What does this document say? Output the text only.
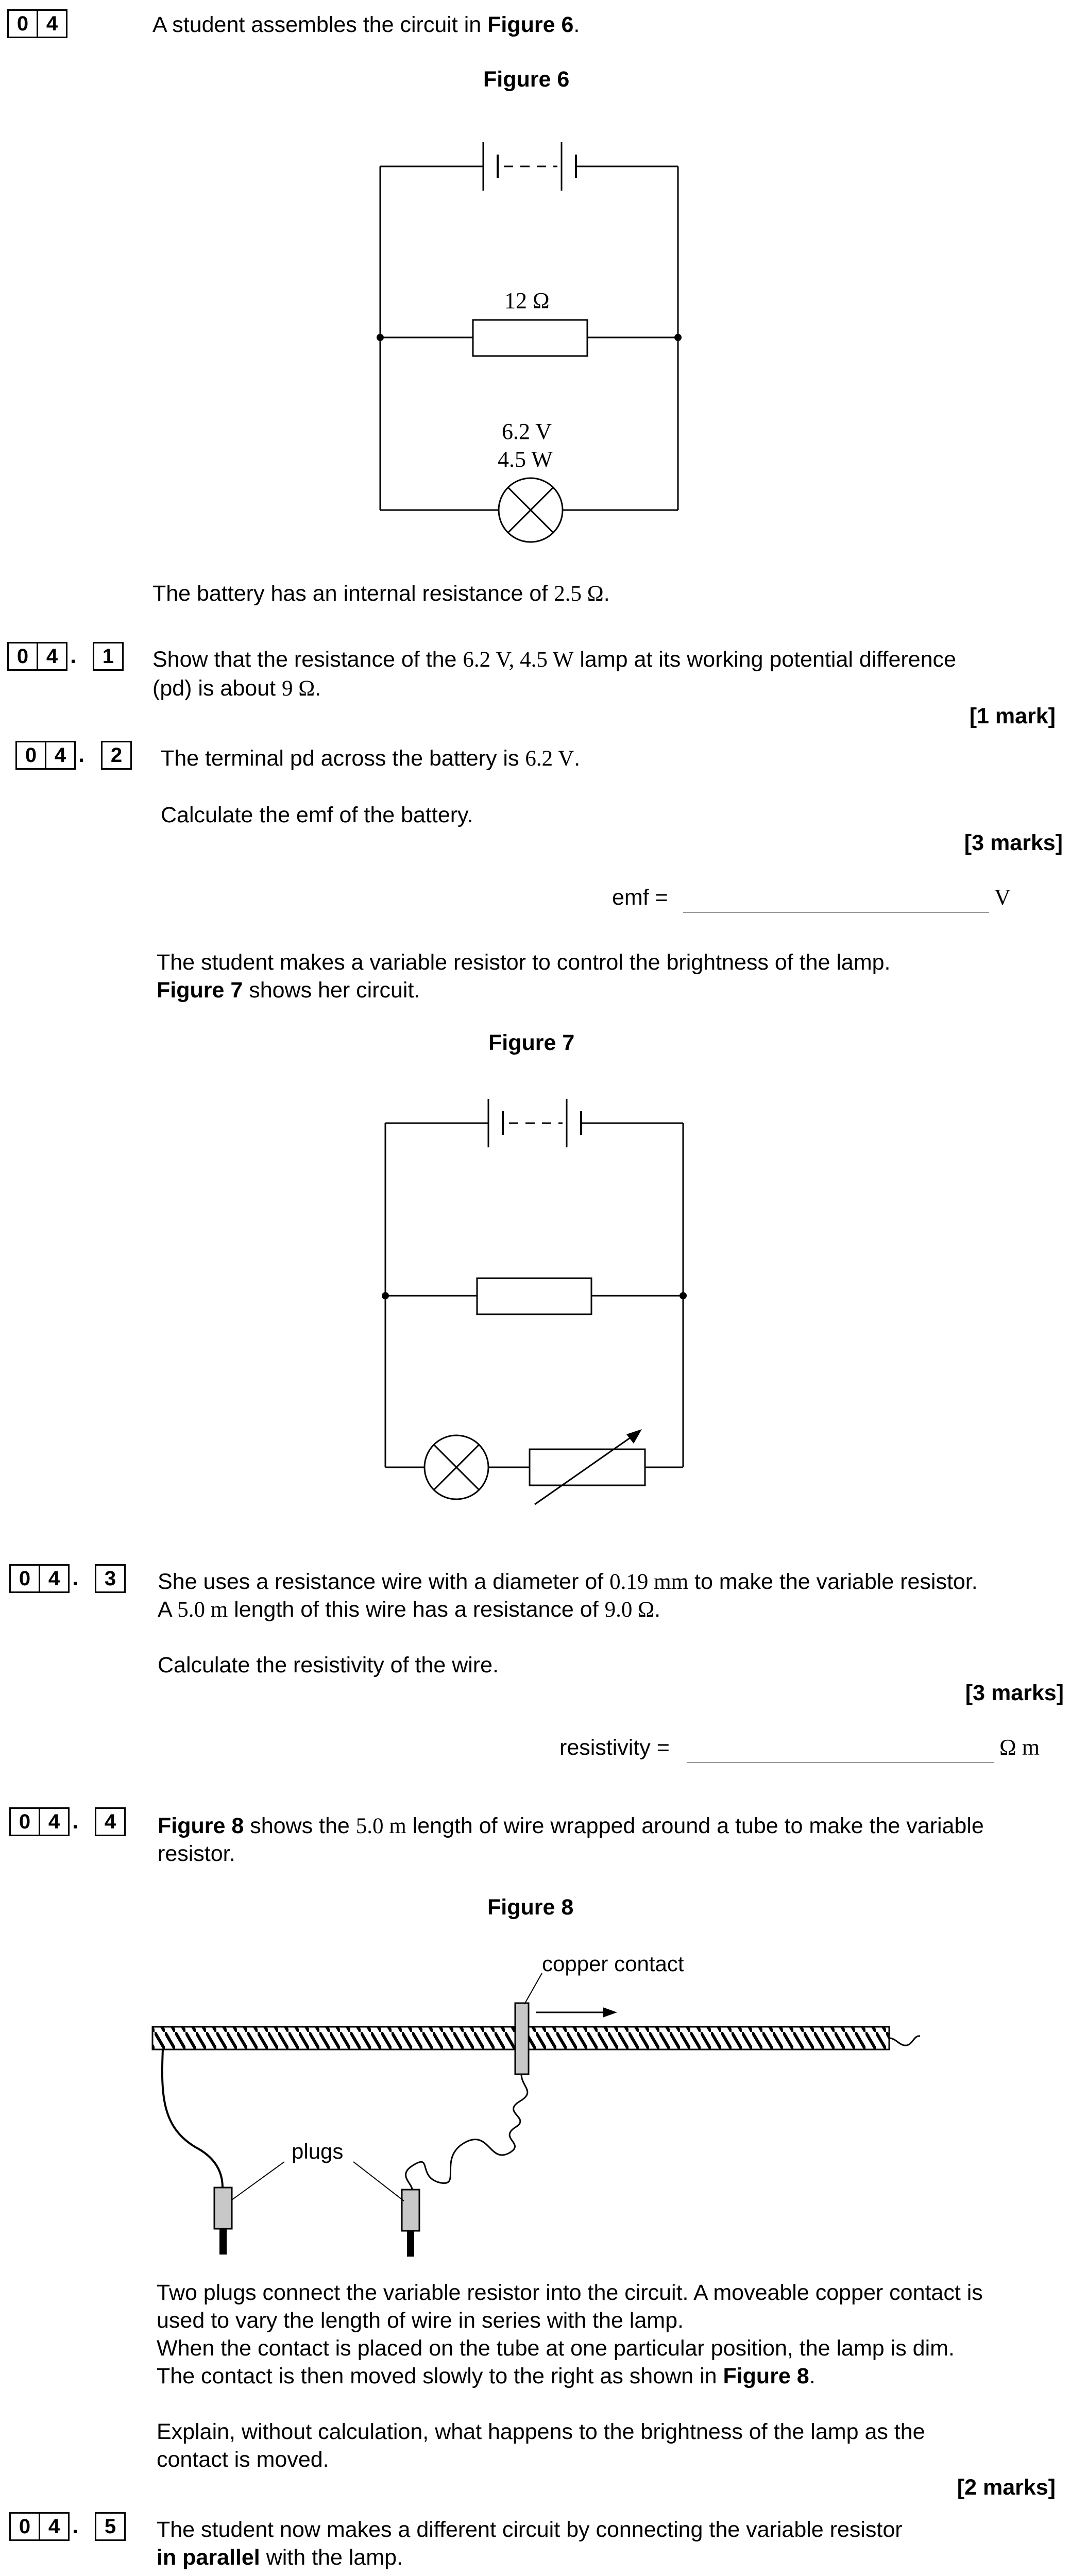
0 4	A student assembles the circuit in Figure 6.
Figure 6
12 Ω
6.2 V
4.5 W
The battery has an internal resistance of 2.5 Ω.
0 4 .	1	Show that the resistance of the 6.2 V, 4.5 W lamp at its working potential difference
(pd) is about 9 Ω.
[1 mark]
0 4 .	2	The terminal pd across the battery is 6.2 V.
Calculate the emf of the battery.
[3 marks]
emf =	V
The student makes a variable resistor to control the brightness of the lamp.
Figure 7 shows her circuit.
Figure 7
0 4 .	3	She uses a resistance wire with a diameter of 0.19 mm to make the variable resistor.
A 5.0 m length of this wire has a resistance of 9.0 Ω.
Calculate the resistivity of the wire.
[3 marks]
resistivity =	Ω m
0 4 .	4	Figure 8 shows the 5.0 m length of wire wrapped around a tube to make the variable
resistor.
Figure 8
copper contact
plugs
Two plugs connect the variable resistor into the circuit. A moveable copper contact is
used to vary the length of wire in series with the lamp.
When the contact is placed on the tube at one particular position, the lamp is dim.
The contact is then moved slowly to the right as shown in Figure 8.
Explain, without calculation, what happens to the brightness of the lamp as the
contact is moved.
[2 marks]
0 4 .	5	The student now makes a different circuit by connecting the variable resistor
in parallel with the lamp.
